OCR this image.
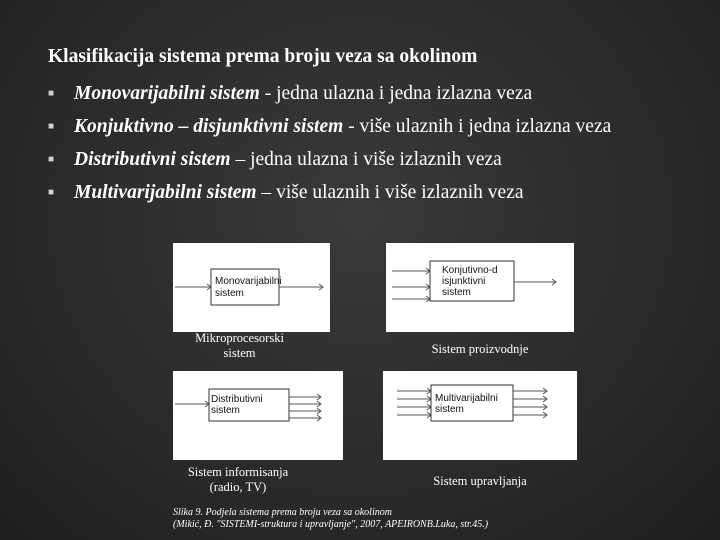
Klasifikacija sistema prema broju veza sa okolinom
■ Monovarijabilni sistem - jedna ulazna i jedna izlazna veza
■ Konjuktivno – disjunktivni sistem - više ulaznih i jedna izlazna veza
■ Distributivni sistem – jedna ulazna i više izlaznih veza
■ Multivarijabilni sistem – više ulaznih i više izlaznih veza
Monovarijabilni
sistem
Mikroprocesorski
sistem
Konjutivno-d
isjunktivni
sistem
Sistem proizvodnje
Distributivni
sistem
Sistem informisanja
(radio, TV)
Multivarijabilni
sistem
Sistem upravljanja
Slika 9. Podjela sistema prema broju veza sa okolinom
(Mikić, Đ. "SISTEMI-struktura i upravljanje", 2007, APEIRONB.Luka, str.45.)
